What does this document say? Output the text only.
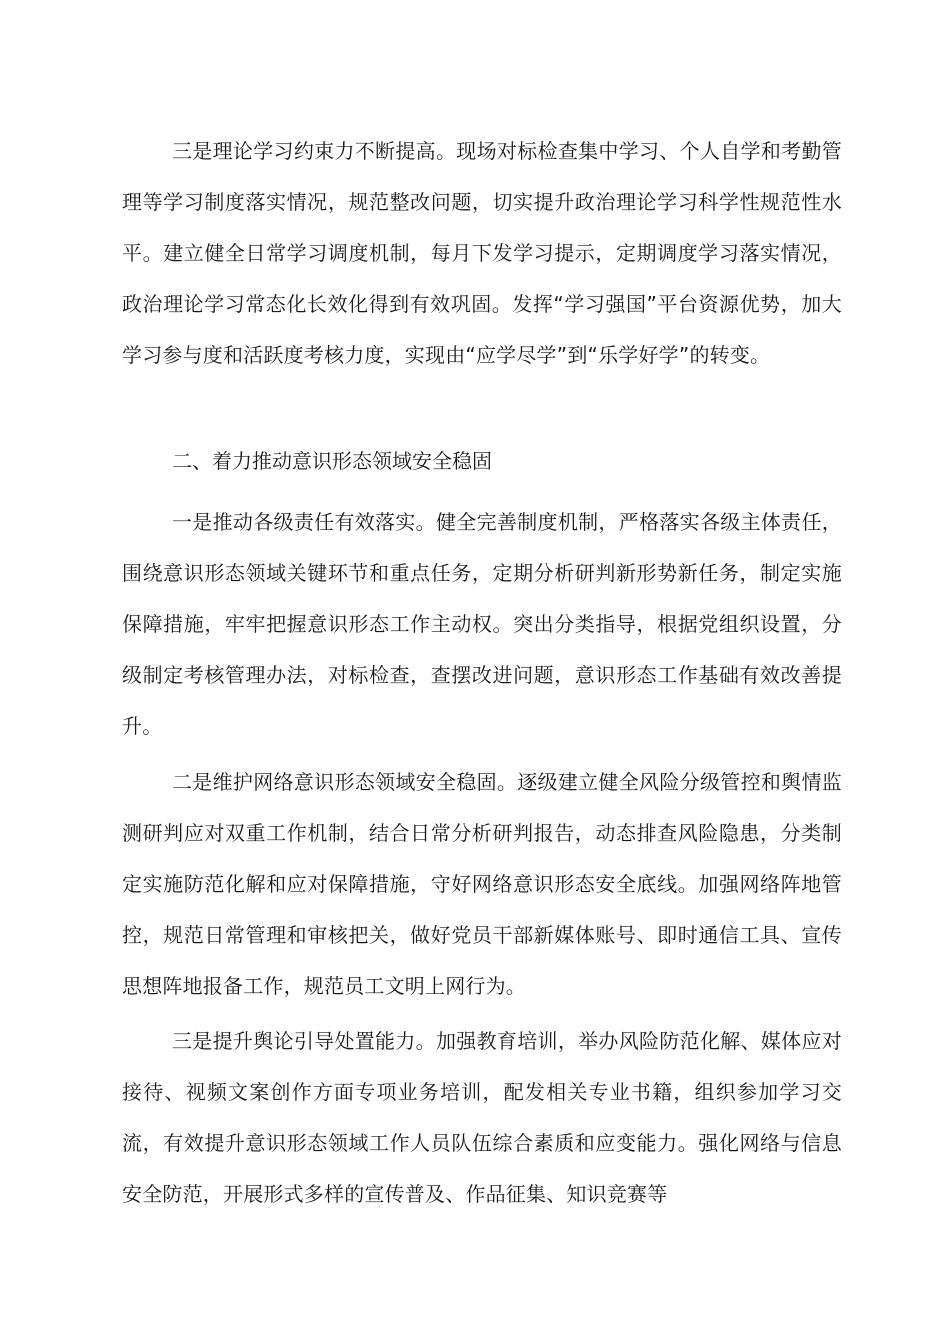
三是理论学习约束力不断提高。现场对标检查集中学习、个人自学和考勤管理等学习制度落实情况，规范整改问题，切实提升政治理论学习科学性规范性水平。建立健全日常学习调度机制，每月下发学习提示，定期调度学习落实情况，政治理论学习常态化长效化得到有效巩固。发挥“学习强国”平台资源优势，加大学习参与度和活跃度考核力度，实现由“应学尽学”到“乐学好学”的转变。

二、着力推动意识形态领域安全稳固

一是推动各级责任有效落实。健全完善制度机制，严格落实各级主体责任，围绕意识形态领域关键环节和重点任务，定期分析研判新形势新任务，制定实施保障措施，牢牢把握意识形态工作主动权。突出分类指导，根据党组织设置，分级制定考核管理办法，对标检查，查摆改进问题，意识形态工作基础有效改善提升。

二是维护网络意识形态领域安全稳固。逐级建立健全风险分级管控和舆情监测研判应对双重工作机制，结合日常分析研判报告，动态排查风险隐患，分类制定实施防范化解和应对保障措施，守好网络意识形态安全底线。加强网络阵地管控，规范日常管理和审核把关，做好党员干部新媒体账号、即时通信工具、宣传思想阵地报备工作，规范员工文明上网行为。

三是提升舆论引导处置能力。加强教育培训，举办风险防范化解、媒体应对接待、视频文案创作方面专项业务培训，配发相关专业书籍，组织参加学习交流，有效提升意识形态领域工作人员队伍综合素质和应变能力。强化网络与信息安全防范，开展形式多样的宣传普及、作品征集、知识竞赛等
